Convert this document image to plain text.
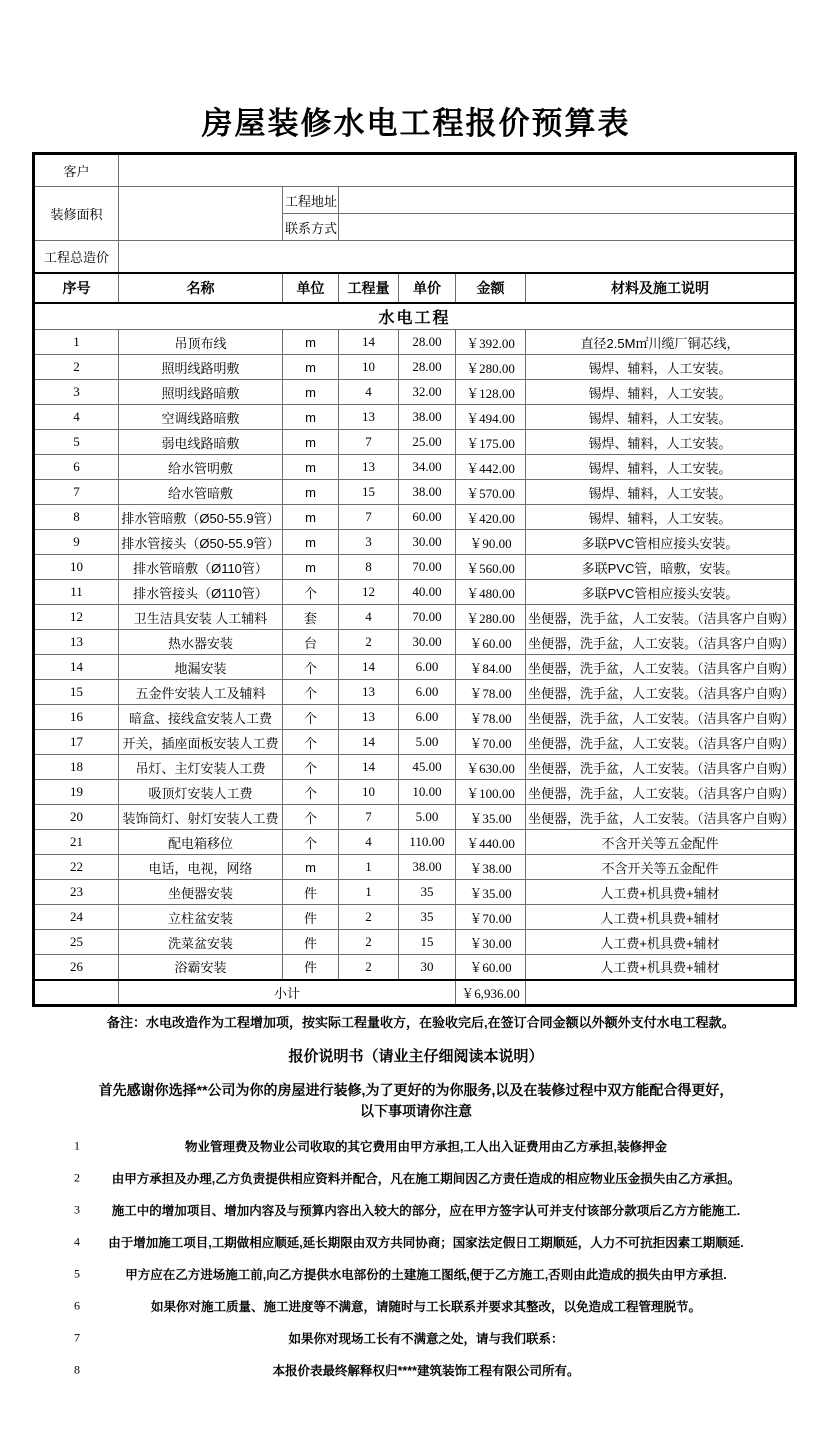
房屋装修水电工程报价预算表
客户						
装修面积		工程地址				
		联系方式				
工程总造价						
序号	名称	单位	工程量	单价	金额	材料及施工说明
水电工程						
1	吊顶布线	m	14	28.00	￥392.00	直径2.5M㎡川缆厂铜芯线，
2	照明线路明敷	m	10	28.00	￥280.00	锡焊、辅料，人工安装。
3	照明线路暗敷	m	4	32.00	￥128.00	锡焊、辅料，人工安装。
4	空调线路暗敷	m	13	38.00	￥494.00	锡焊、辅料，人工安装。
5	弱电线路暗敷	m	7	25.00	￥175.00	锡焊、辅料，人工安装。
6	给水管明敷	m	13	34.00	￥442.00	锡焊、辅料，人工安装。
7	给水管暗敷	m	15	38.00	￥570.00	锡焊、辅料，人工安装。
8	排水管暗敷（Ø50-55.9管）	m	7	60.00	￥420.00	锡焊、辅料，人工安装。
9	排水管接头（Ø50-55.9管）	m	3	30.00	￥90.00	多联PVC管相应接头安装。
10	排水管暗敷（Ø110管）	m	8	70.00	￥560.00	多联PVC管，暗敷，安装。
11	排水管接头（Ø110管）	个	12	40.00	￥480.00	多联PVC管相应接头安装。
12	卫生洁具安装 人工辅料	套	4	70.00	￥280.00	坐便器，洗手盆，人工安装。（洁具客户自购）
13	热水器安装	台	2	30.00	￥60.00	坐便器，洗手盆，人工安装。（洁具客户自购）
14	地漏安装	个	14	6.00	￥84.00	坐便器，洗手盆，人工安装。（洁具客户自购）
15	五金件安装人工及辅料	个	13	6.00	￥78.00	坐便器，洗手盆，人工安装。（洁具客户自购）
16	暗盒、接线盒安装人工费	个	13	6.00	￥78.00	坐便器，洗手盆，人工安装。（洁具客户自购）
17	开关，插座面板安装人工费	个	14	5.00	￥70.00	坐便器，洗手盆，人工安装。（洁具客户自购）
18	吊灯、主灯安装人工费	个	14	45.00	￥630.00	坐便器，洗手盆，人工安装。（洁具客户自购）
19	吸顶灯安装人工费	个	10	10.00	￥100.00	坐便器，洗手盆，人工安装。（洁具客户自购）
20	装饰筒灯、射灯安装人工费	个	7	5.00	￥35.00	坐便器，洗手盆，人工安装。（洁具客户自购）
21	配电箱移位	个	4	110.00	￥440.00	不含开关等五金配件
22	电话，电视，网络	m	1	38.00	￥38.00	不含开关等五金配件
23	坐便器安装	件	1	35	￥35.00	人工费+机具费+辅材
24	立柱盆安装	件	2	35	￥70.00	人工费+机具费+辅材
25	洗菜盆安装	件	2	15	￥30.00	人工费+机具费+辅材
26	浴霸安装	件	2	30	￥60.00	人工费+机具费+辅材
	小计				￥6,936.00	
备注：水电改造作为工程增加项，按实际工程量收方，在验收完后,在签订合同金额以外额外支付水电工程款。
报价说明书（请业主仔细阅读本说明）
首先感谢你选择**公司为你的房屋进行装修,为了更好的为你服务,以及在装修过程中双方能配合得更好，
以下事项请你注意
1	物业管理费及物业公司收取的其它费用由甲方承担,工人出入证费用由乙方承担,装修押金
2	由甲方承担及办理,乙方负责提供相应资料并配合，凡在施工期间因乙方责任造成的相应物业压金损失由乙方承担。
3	施工中的增加项目、增加内容及与预算内容出入较大的部分，应在甲方签字认可并支付该部分款项后乙方方能施工.
4	由于增加施工项目,工期做相应顺延,延长期限由双方共同协商；国家法定假日工期顺延，人力不可抗拒因素工期顺延.
5	甲方应在乙方进场施工前,向乙方提供水电部份的土建施工图纸,便于乙方施工,否则由此造成的损失由甲方承担.
6	如果你对施工质量、施工进度等不满意，请随时与工长联系并要求其整改，以免造成工程管理脱节。
7	如果你对现场工长有不满意之处，请与我们联系：
8	本报价表最终解释权归****建筑装饰工程有限公司所有。
